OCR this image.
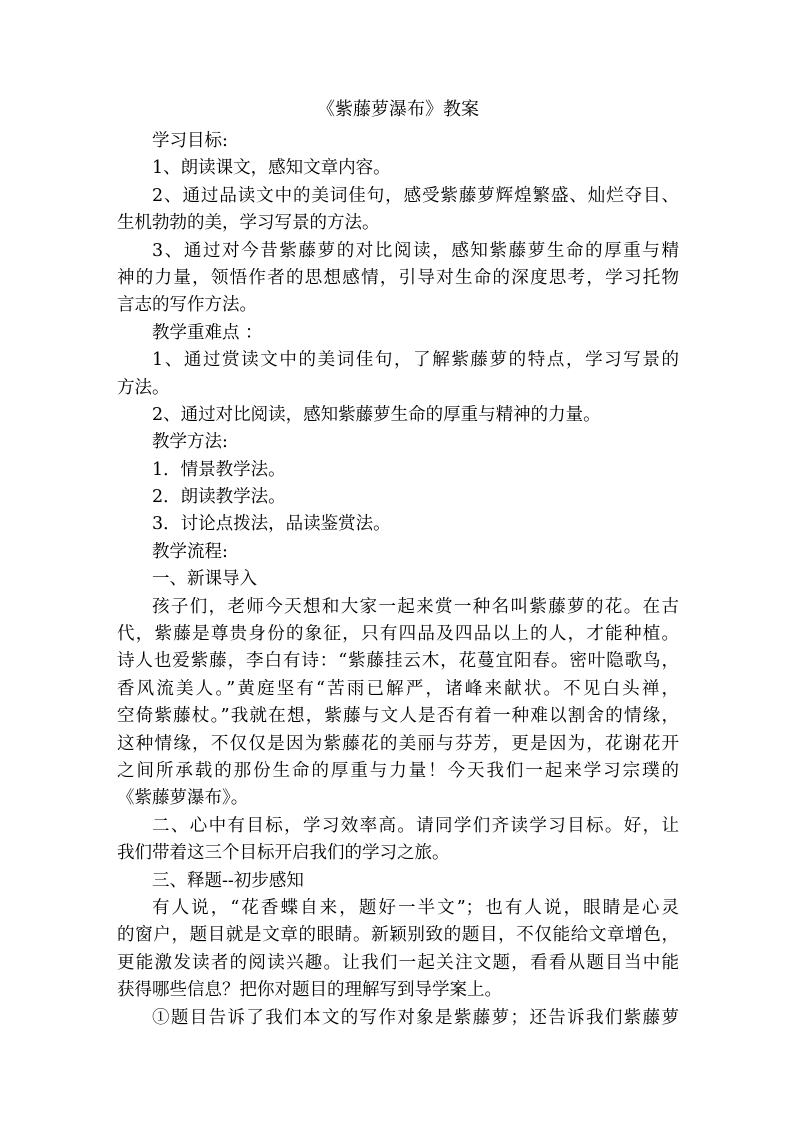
《紫藤萝瀑布》教案

学习目标:

1、朗读课文，感知文章内容。

2、通过品读文中的美词佳句，感受紫藤萝辉煌繁盛、灿烂夺目、

生机勃勃的美，学习写景的方法。

3、通过对今昔紫藤萝的对比阅读，感知紫藤萝生命的厚重与精

神的力量，领悟作者的思想感情，引导对生命的深度思考，学习托物

言志的写作方法。

教学重难点 ：

1、通过赏读文中的美词佳句，了解紫藤萝的特点，学习写景的

方法。

2、通过对比阅读，感知紫藤萝生命的厚重与精神的力量。

教学方法:

1．情景教学法。

2．朗读教学法。

3．讨论点拨法，品读鉴赏法。

教学流程:

一、新课导入

孩子们，老师今天想和大家一起来赏一种名叫紫藤萝的花。在古

代，紫藤是尊贵身份的象征，只有四品及四品以上的人，才能种植。

诗人也爱紫藤，李白有诗：“紫藤挂云木，花蔓宜阳春。密叶隐歌鸟，

香风流美人。”黄庭坚有“苦雨已解严，诸峰来献状。不见白头禅，

空倚紫藤杖。”我就在想，紫藤与文人是否有着一种难以割舍的情缘，

这种情缘，不仅仅是因为紫藤花的美丽与芬芳，更是因为，花谢花开

之间所承载的那份生命的厚重与力量！今天我们一起来学习宗璞的

《紫藤萝瀑布》。

二、心中有目标，学习效率高。请同学们齐读学习目标。好，让

我们带着这三个目标开启我们的学习之旅。

三、释题--初步感知

有人说，“花香蝶自来，题好一半文”；也有人说，眼睛是心灵

的窗户，题目就是文章的眼睛。新颖别致的题目，不仅能给文章增色，

更能激发读者的阅读兴趣。让我们一起关注文题，看看从题目当中能

获得哪些信息？把你对题目的理解写到导学案上。

①题目告诉了我们本文的写作对象是紫藤萝；还告诉我们紫藤萝
